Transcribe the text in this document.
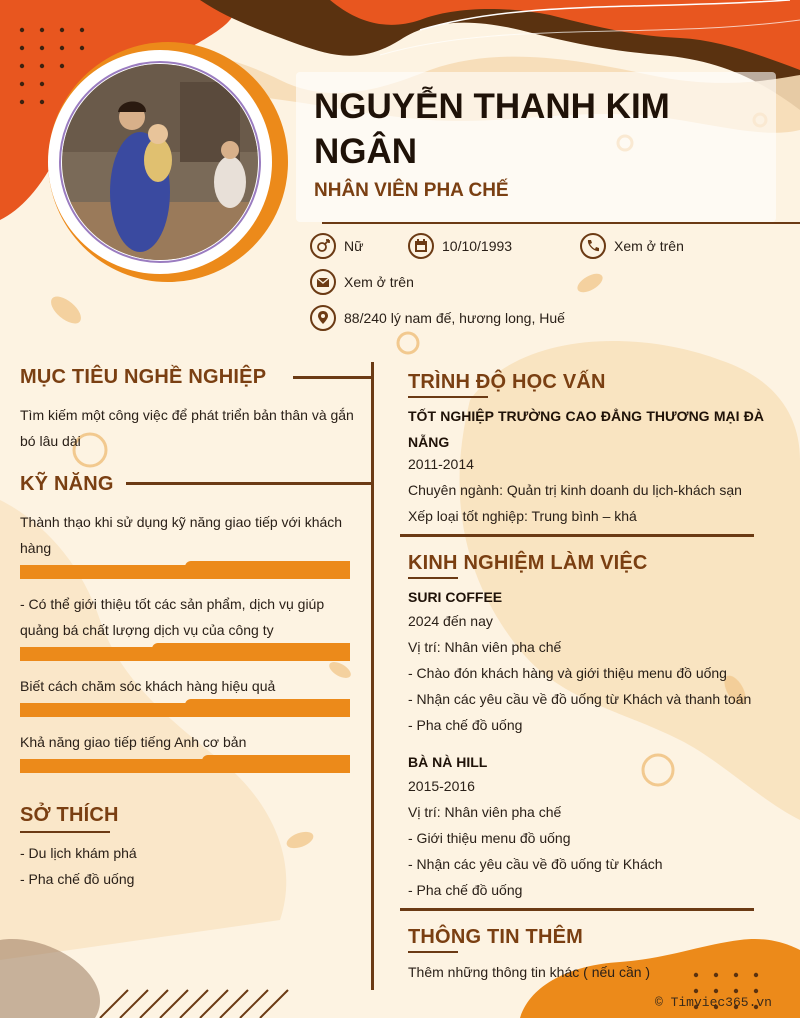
NGUYỄN THANH KIM NGÂN
NHÂN VIÊN PHA CHẾ
Nữ	10/10/1993	Xem ở trên
Xem ở trên
88/240 lý nam đế, hương long, Huế
MỤC TIÊU NGHỀ NGHIỆP
Tìm kiếm một công việc để phát triển bản thân và gắn bó lâu dài
KỸ NĂNG
Thành thạo khi sử dụng kỹ năng giao tiếp với khách hàng
- Có thể giới thiệu tốt các sản phẩm, dịch vụ giúp quảng bá chất lượng dịch vụ của công ty
Biết cách chăm sóc khách hàng hiệu quả
Khả năng giao tiếp tiếng Anh cơ bản
SỞ THÍCH
- Du lịch khám phá
- Pha chế đồ uống
TRÌNH ĐỘ HỌC VẤN
TỐT NGHIỆP TRƯỜNG CAO ĐẲNG THƯƠNG MẠI ĐÀ NẴNG
2011-2014
Chuyên ngành: Quản trị kinh doanh du lịch-khách sạn
Xếp loại tốt nghiệp: Trung bình – khá
KINH NGHIỆM LÀM VIỆC
SURI COFFEE
2024 đến nay
Vị trí: Nhân viên pha chế
- Chào đón khách hàng và giới thiệu menu đồ uống
- Nhận các yêu cầu về đồ uống từ Khách và thanh toán
- Pha chế đồ uống
BÀ NÀ HILL
2015-2016
Vị trí: Nhân viên pha chế
- Giới thiệu menu đồ uống
- Nhận các yêu cầu về đồ uống từ Khách
- Pha chế đồ uống
THÔNG TIN THÊM
Thêm những thông tin khác ( nếu cần )
© Timviec365.vn
